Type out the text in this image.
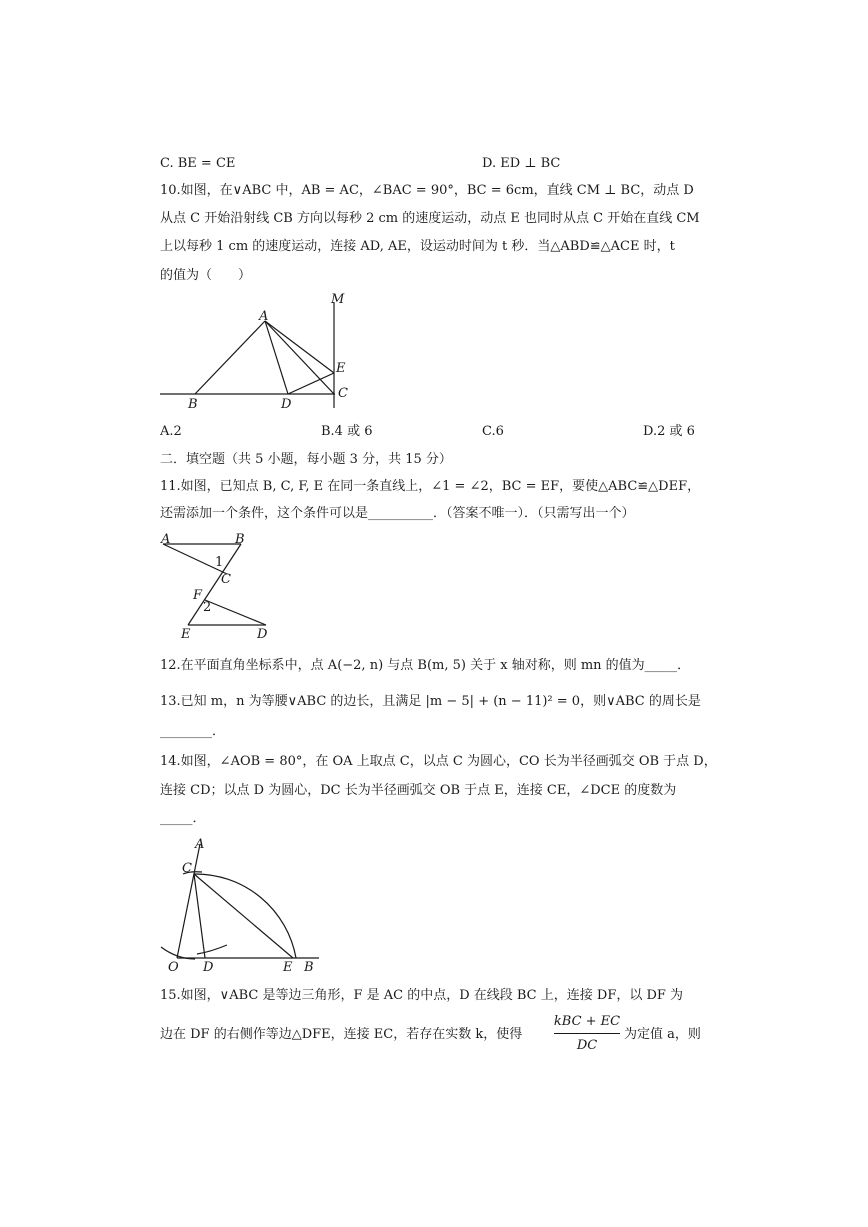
C. BE = CE	D. ED ⊥ BC
10.如图，在∨ABC 中，AB = AC，∠BAC = 90°，BC = 6cm，直线 CM ⊥ BC，动点 D
从点 C 开始沿射线 CB 方向以每秒 2 cm 的速度运动，动点 E 也同时从点 C 开始在直线 CM
上以每秒 1 cm 的速度运动，连接 AD, AE，设运动时间为 t 秒．当△ABD≌△ACE 时，t
的值为（　　）
M
A
E
C
B	D
A.2	B.4 或 6	C.6	D.2 或 6
二．填空题（共 5 小题，每小题 3 分，共 15 分）
11.如图，已知点 B, C, F, E 在同一条直线上，∠1 = ∠2，BC = EF，要使△ABC≌△DEF，
还需添加一个条件，这个条件可以是__________．（答案不唯一）．（只需写出一个）
A	B
1
C
F
2
E	D
12.在平面直角坐标系中，点 A(−2, n) 与点 B(m, 5) 关于 x 轴对称，则 mn 的值为_____．
13.已知 m，n 为等腰∨ABC 的边长，且满足 |m − 5| + (n − 11)² = 0，则∨ABC 的周长是
________．
14.如图，∠AOB = 80°，在 OA 上取点 C，以点 C 为圆心，CO 长为半径画弧交 OB 于点 D，
连接 CD；以点 D 为圆心，DC 长为半径画弧交 OB 于点 E，连接 CE，∠DCE 的度数为
_____．
A
C
O D	E B
15.如图，∨ABC 是等边三角形，F 是 AC 的中点，D 在线段 BC 上，连接 DF，以 DF 为
边在 DF 的右侧作等边△DFE，连接 EC，若存在实数 k，使得
kBC + EC
DC
为定值 a，则
